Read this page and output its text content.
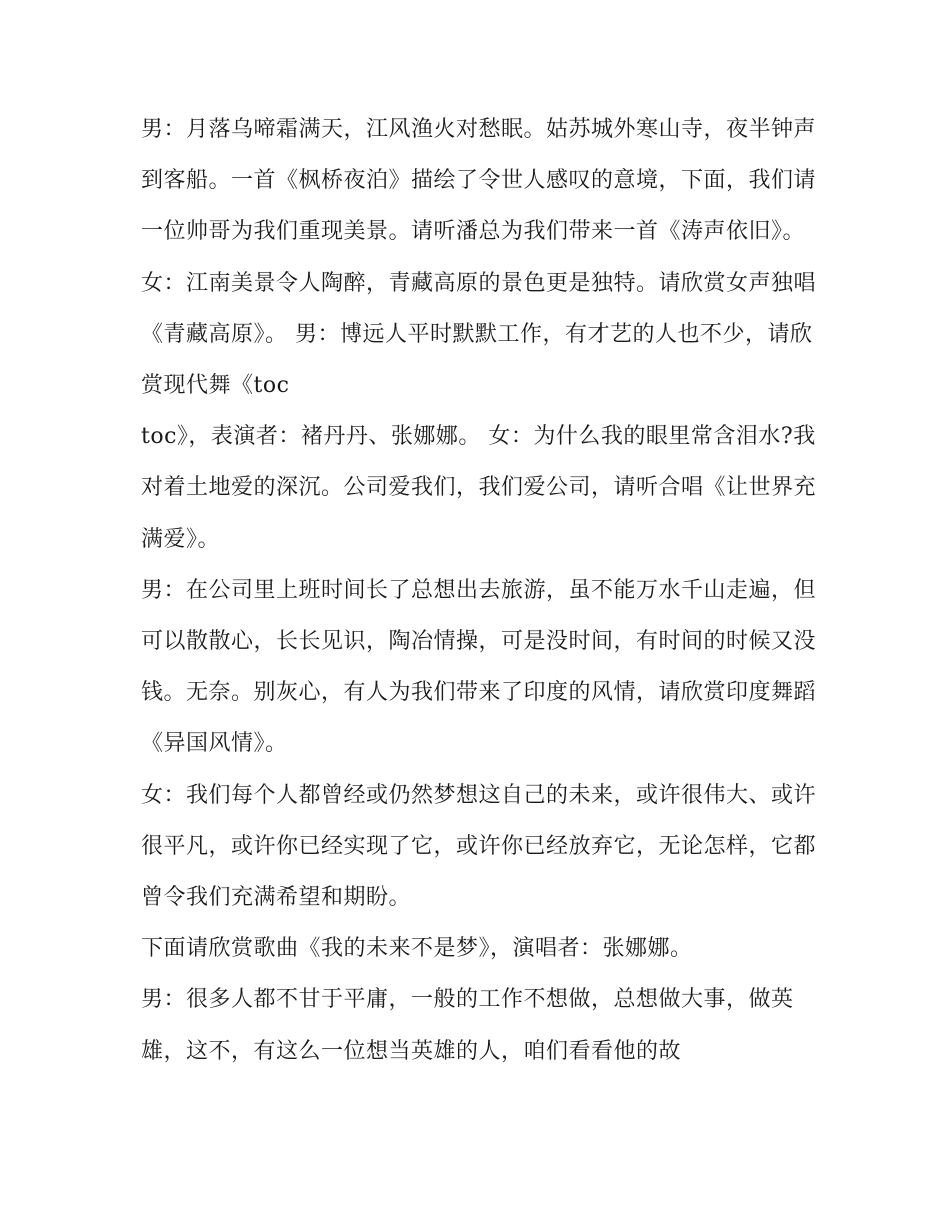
男：月落乌啼霜满天，江风渔火对愁眠。姑苏城外寒山寺，夜半钟声到客船。一首《枫桥夜泊》描绘了令世人感叹的意境，下面，我们请一位帅哥为我们重现美景。请听潘总为我们带来一首《涛声依旧》。

女：江南美景令人陶醉，青藏高原的景色更是独特。请欣赏女声独唱《青藏高原》。 男：博远人平时默默工作，有才艺的人也不少，请欣赏现代舞《toc
toc》，表演者：褚丹丹、张娜娜。 女：为什么我的眼里常含泪水?我对着土地爱的深沉。公司爱我们，我们爱公司，请听合唱《让世界充满爱》。

男：在公司里上班时间长了总想出去旅游，虽不能万水千山走遍，但可以散散心，长长见识，陶冶情操，可是没时间，有时间的时候又没钱。无奈。别灰心，有人为我们带来了印度的风情，请欣赏印度舞蹈《异国风情》。

女：我们每个人都曾经或仍然梦想这自己的未来，或许很伟大、或许很平凡，或许你已经实现了它，或许你已经放弃它，无论怎样，它都曾令我们充满希望和期盼。

下面请欣赏歌曲《我的未来不是梦》，演唱者：张娜娜。

男：很多人都不甘于平庸，一般的工作不想做，总想做大事，做英雄，这不，有这么一位想当英雄的人，咱们看看他的故
